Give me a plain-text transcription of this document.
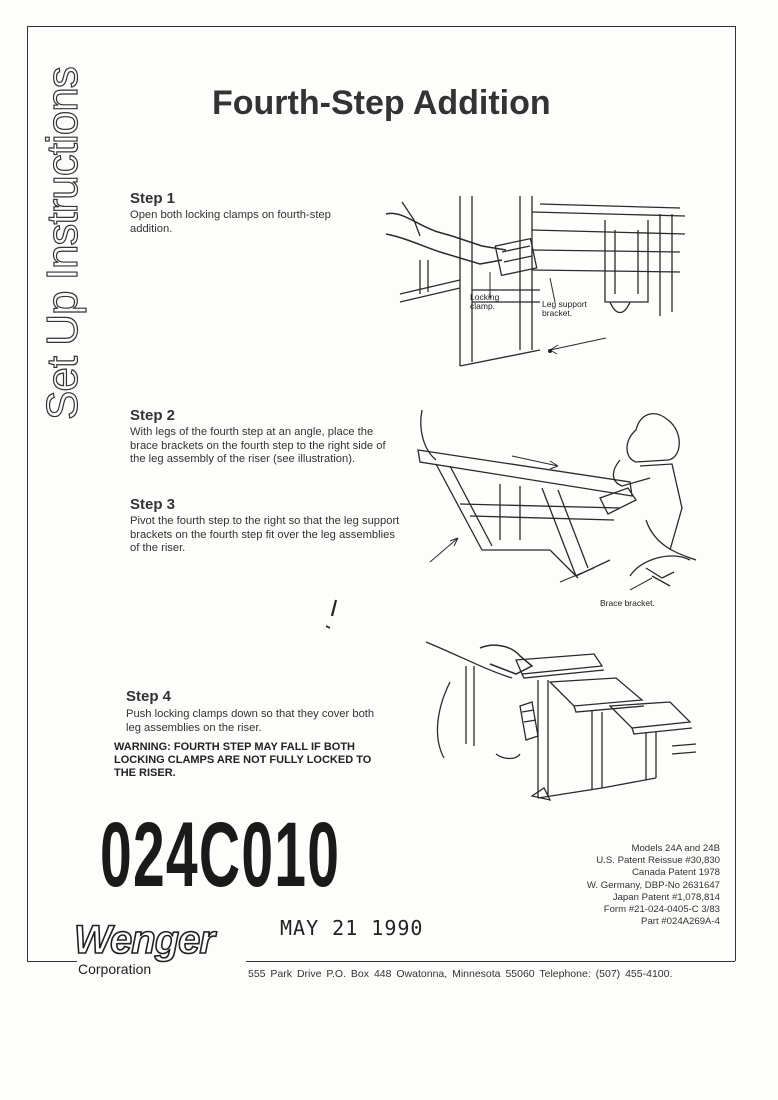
Set Up Instructions	Fourth-Step Addition
Step 1
Open both locking clamps on fourth-step addition.
Step 2
With legs of the fourth step at an angle, place the brace brackets on the fourth step to the right side of the leg assembly of the riser (see illustration).
Step 3
Pivot the fourth step to the right so that the leg support brackets on the fourth step fit over the leg assemblies of the riser.
Step 4
Push locking clamps down so that they cover both leg assemblies on the riser.
WARNING: FOURTH STEP MAY FALL IF BOTH LOCKING CLAMPS ARE NOT FULLY LOCKED TO THE RISER.
Locking
clamp.	Leg support
bracket.
Brace bracket.
024C010
MAY 21 1990
Models 24A and 24B
U.S. Patent Reissue #30,830
Canada Patent 1978
W. Germany, DBP-No 2631647
Japan Patent #1,078,814
Form #21-024-0405-C 3/83
Part #024A269A-4
Wenger
Corporation	555 Park Drive P.O. Box 448 Owatonna, Minnesota 55060 Telephone: (507) 455-4100.
